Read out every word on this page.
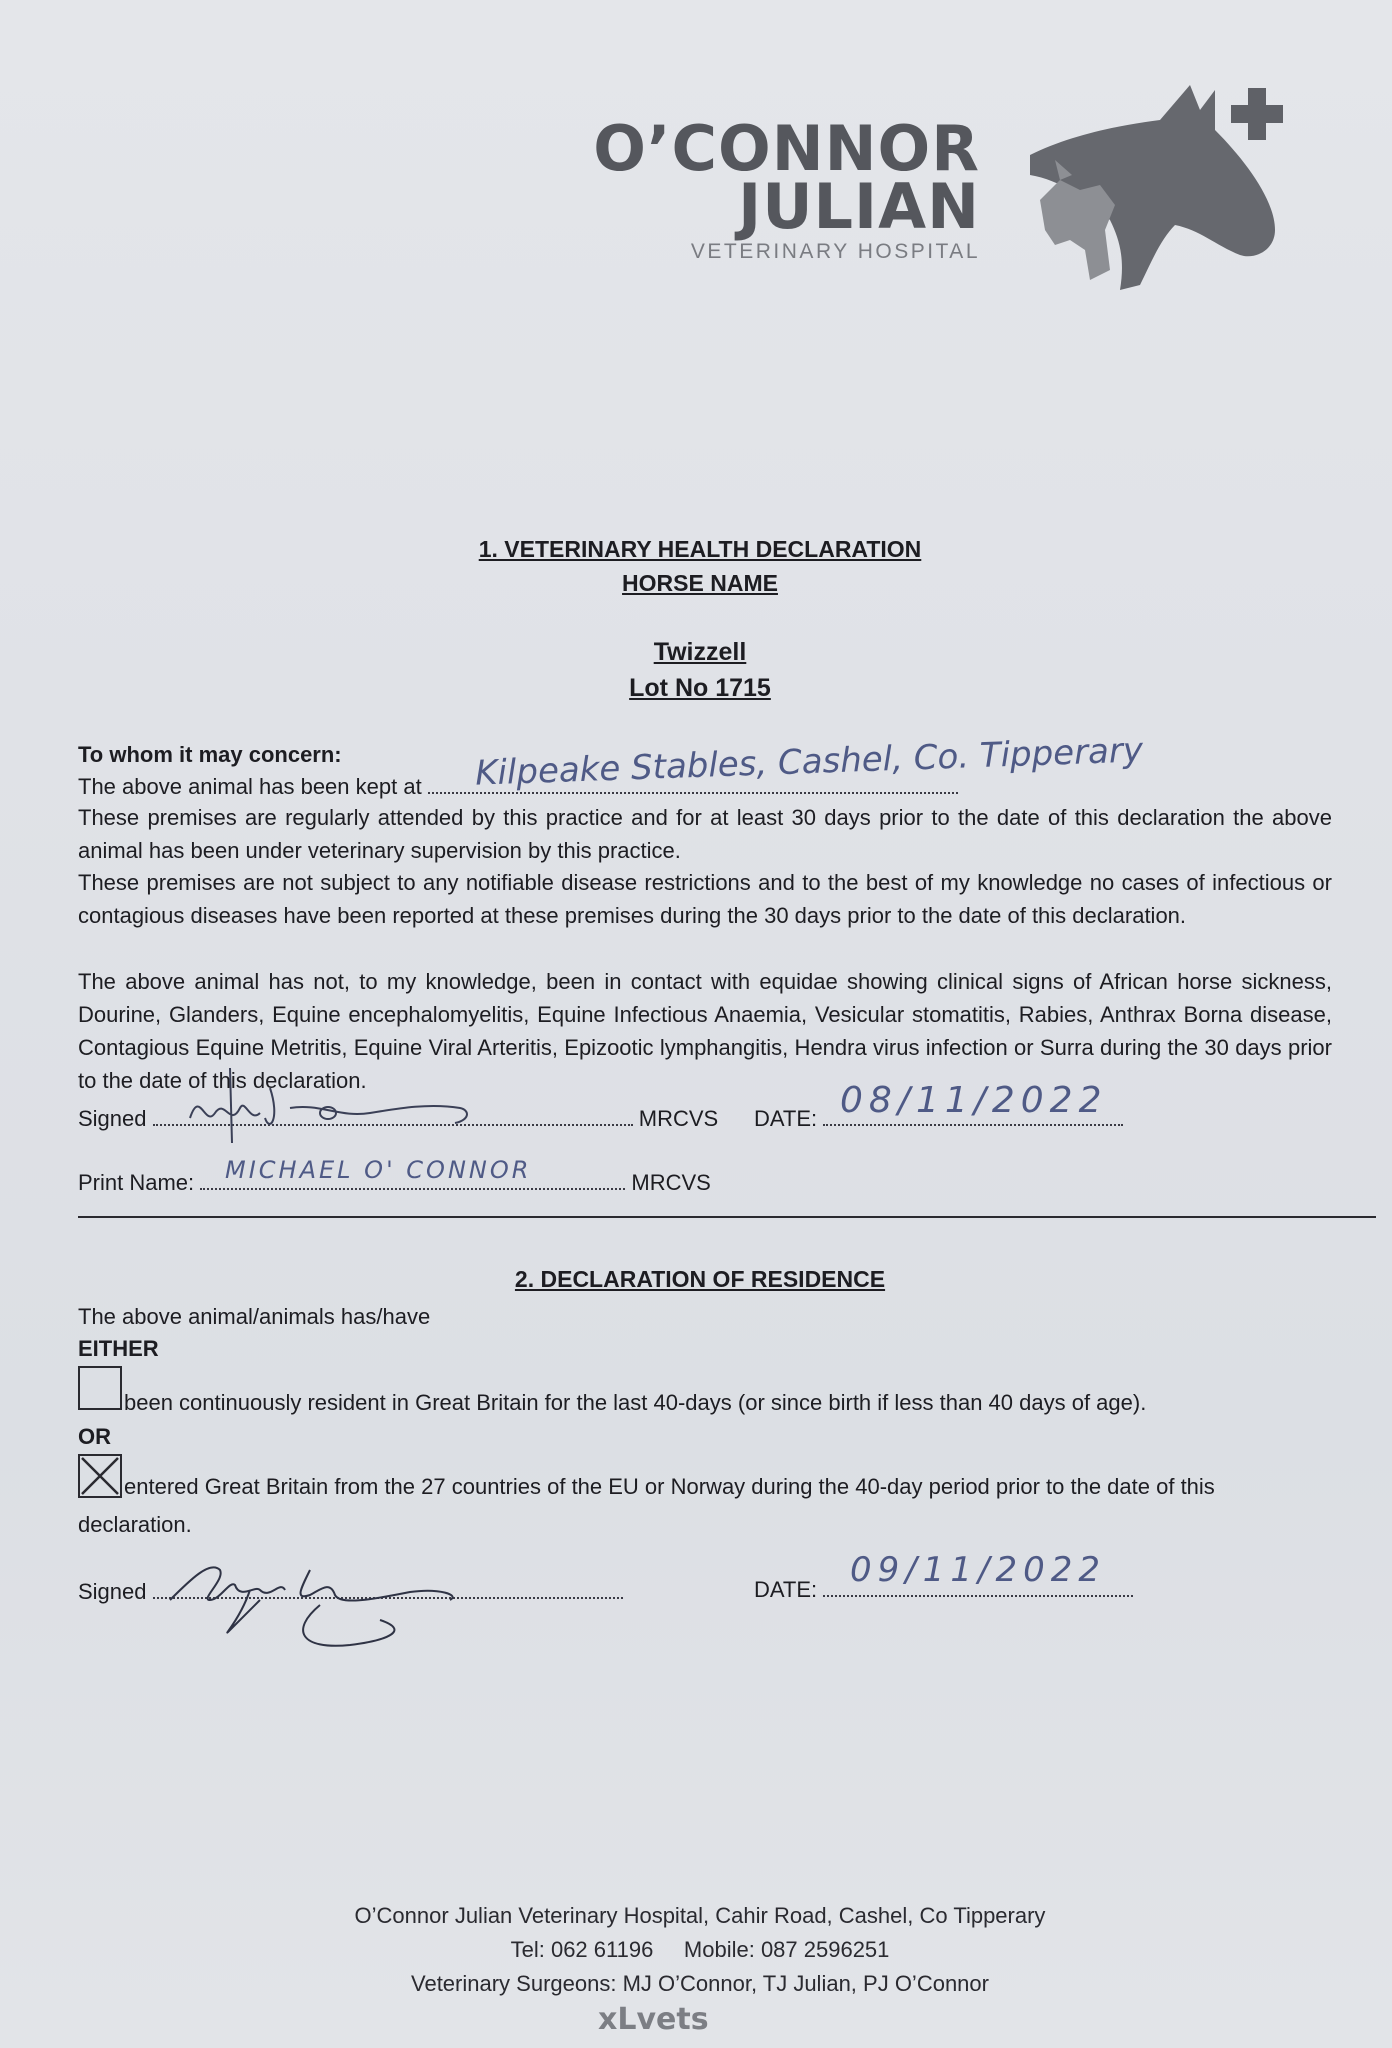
O’CONNOR
JULIAN
VETERINARY HOSPITAL
1. VETERINARY HEALTH DECLARATION
HORSE NAME
Twizzell
Lot No 1715
To whom it may concern:
The above animal has been kept at	Kilpeake Stables, Cashel, Co. Tipperary
These premises are regularly attended by this practice and for at least 30 days prior to the date of this declaration the above animal has been under veterinary supervision by this practice.
These premises are not subject to any notifiable disease restrictions and to the best of my knowledge no cases of infectious or contagious diseases have been reported at these premises during the 30 days prior to the date of this declaration.
The above animal has not, to my knowledge, been in contact with equidae showing clinical signs of African horse sickness, Dourine, Glanders, Equine encephalomyelitis, Equine Infectious Anaemia, Vesicular stomatitis, Rabies, Anthrax Borna disease, Contagious Equine Metritis, Equine Viral Arteritis, Epizootic lymphangitis, Hendra virus infection or Surra during the 30 days prior to the date of this declaration.
Signed	MRCVS DATE: 08/11/2022
Print Name:	MRCVS
MICHAEL O' CONNOR
2. DECLARATION OF RESIDENCE
The above animal/animals has/have
EITHER
been continuously resident in Great Britain for the last 40-days (or since birth if less than 40 days of age).
OR
entered Great Britain from the 27 countries of the EU or Norway during the 40-day period prior to the date of this
declaration.
Signed	DATE: 09/11/2022
O’Connor Julian Veterinary Hospital, Cahir Road, Cashel, Co Tipperary
Tel: 062 61196 Mobile: 087 2596251
Veterinary Surgeons: MJ O’Connor, TJ Julian, PJ O’Connor
xLvets
